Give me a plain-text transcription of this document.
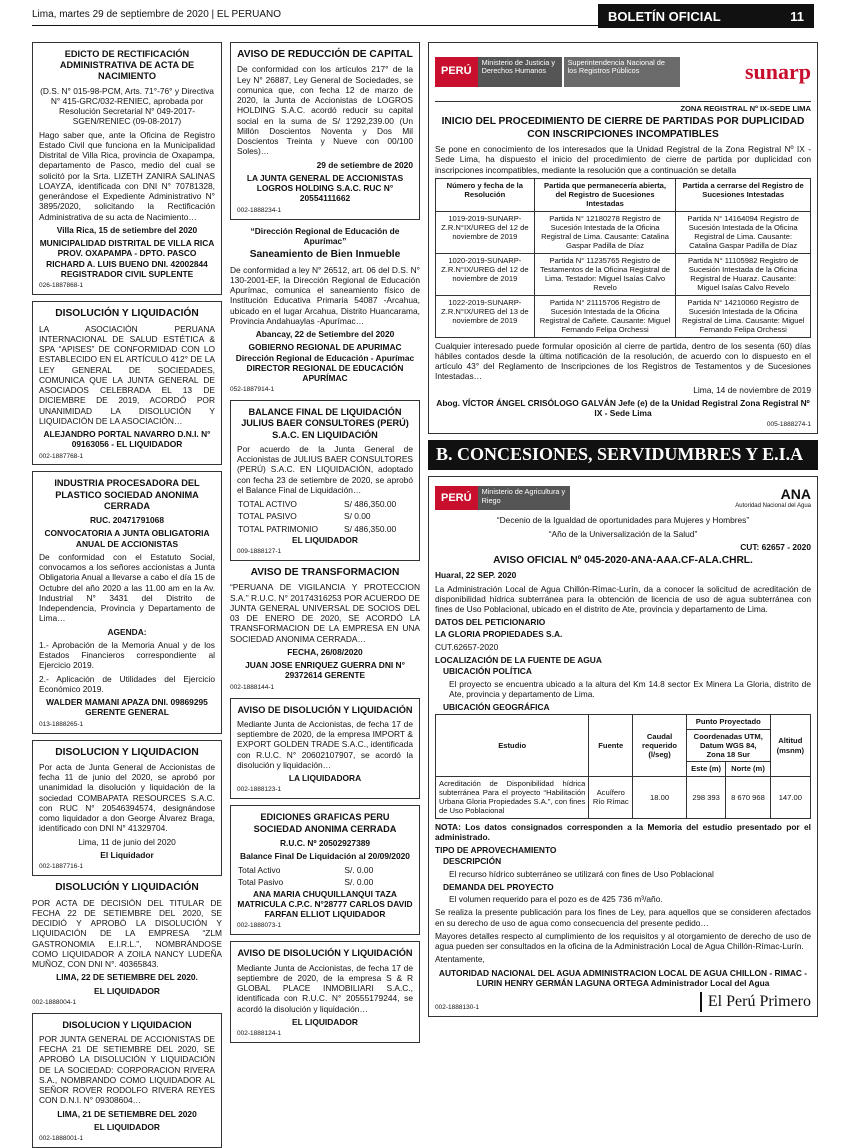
Lima, martes 29 de septiembre de 2020 | EL PERUANO	BOLETÍN OFICIAL	11
EDICTO DE RECTIFICACIÓN ADMINISTRATIVA DE ACTA DE NACIMIENTO

(D.S. N° 015-98-PCM, Arts. 71°-76° y Directiva N° 415-GRC/032-RENIEC, aprobada por Resolución Secretarial N° 049-2017-SGEN/RENIEC (09-08-2017)

Hago saber que, ante la Oficina de Registro Estado Civil que funciona en la Municipalidad Distrital de Villa Rica, provincia de Oxapampa, departamento de Pasco, medio del cual se solicitó por la Srta. LIZETH ZANIRA SALINAS LOAYZA, identificada con DNI N° 70781328, generándose el Expediente Administrativo N° 3895/2020, solicitando la Rectificación Administrativa de su acta de Nacimiento…

Villa Rica, 15 de setiembre del 2020

MUNICIPALIDAD DISTRITAL DE VILLA RICA PROV. OXAPAMPA - DPTO. PASCO RICHARD A. LUIS BUENO DNI. 42002844 REGISTRADOR CIVIL SUPLENTE

026-1887868-1
DISOLUCIÓN Y LIQUIDACIÓN

LA ASOCIACIÓN PERUANA INTERNACIONAL DE SALUD ESTÉTICA & SPA “APISES” DE CONFORMIDAD CON LO ESTABLECIDO EN EL ARTÍCULO 412° DE LA LEY GENERAL DE SOCIEDADES, COMUNICA QUE LA JUNTA GENERAL DE ASOCIADOS CELEBRADA EL 13 DE DICIEMBRE DE 2019, ACORDÓ POR UNANIMIDAD LA DISOLUCIÓN Y LIQUIDACIÓN DE LA ASOCIACIÓN…

ALEJANDRO PORTAL NAVARRO D.N.I. N° 09163056 - EL LIQUIDADOR

002-1887768-1
INDUSTRIA PROCESADORA DEL PLASTICO SOCIEDAD ANONIMA CERRADA

RUC. 20471791068

CONVOCATORIA A JUNTA OBLIGATORIA ANUAL DE ACCIONISTAS

De conformidad con el Estatuto Social, convocamos a los señores accionistas a Junta Obligatoria Anual a llevarse a cabo el día 15 de Octubre del año 2020 a las 11.00 am en la Av. Industrial N° 3431 del Distrito de Independencia, Provincia y Departamento de Lima…

AGENDA:

1.- Aprobación de la Memoria Anual y de los Estados Financieros correspondiente al Ejercicio 2019.

2.- Aplicación de Utilidades del Ejercicio Económico 2019.

WALDER MAMANI APAZA DNI. 09869295 GERENTE GENERAL

013-1888265-1
DISOLUCION Y LIQUIDACION

Por acta de Junta General de Accionistas de fecha 11 de junio del 2020, se aprobó por unanimidad la disolución y liquidación de la sociedad COMBAPATA RESOURCES S.A.C. con RUC N° 20546394574, designándose como liquidador a don George Álvarez Braga, identificado con DNI N° 41329704.

Lima, 11 de junio del 2020

El Liquidador

002-1887716-1
DISOLUCIÓN Y LIQUIDACIÓN

POR ACTA DE DECISIÓN DEL TITULAR DE FECHA 22 DE SETIEMBRE DEL 2020, SE DECIDIÓ Y APROBÓ LA DISOLUCIÓN Y LIQUIDACIÓN DE LA EMPRESA “ZLM GASTRONOMIA E.I.R.L.”, NOMBRÁNDOSE COMO LIQUIDADOR A ZOILA NANCY LUDEÑA MUÑOZ, CON DNI N°. 40365843.

LIMA, 22 DE SETIEMBRE DEL 2020.

EL LIQUIDADOR

002-1888004-1
DISOLUCION Y LIQUIDACION

POR JUNTA GENERAL DE ACCIONISTAS DE FECHA 21 DE SETIEMBRE DEL 2020, SE APROBÓ LA DISOLUCIÓN Y LIQUIDACIÓN DE LA SOCIEDAD: CORPORACION RIVERA S.A., NOMBRANDO COMO LIQUIDADOR AL SEÑOR ROVER RODOLFO RIVERA REYES CON D.N.I. N° 09308604…

LIMA, 21 DE SETIEMBRE DEL 2020

EL LIQUIDADOR

002-1888001-1
AVISO DE REDUCCIÓN DE CAPITAL

De conformidad con los artículos 217° de la Ley N° 26887, Ley General de Sociedades, se comunica que, con fecha 12 de marzo de 2020, la Junta de Accionistas de LOGROS HOLDING S.A.C. acordó reducir su capital social en la suma de S/ 1'292,239.00 (Un Millón Doscientos Noventa y Dos Mil Doscientos Treinta y Nueve con 00/100 Soles)…

29 de setiembre de 2020

LA JUNTA GENERAL DE ACCIONISTAS LOGROS HOLDING S.A.C. RUC N° 20554111662

002-1888234-1

“Dirección Regional de Educación de Apurímac”

Saneamiento de Bien Inmueble

De conformidad a ley N° 26512, art. 06 del D.S. N° 130-2001-EF, la Dirección Regional de Educación Apurímac, comunica el saneamiento físico de Institución Educativa Primaria 54087 -Arcahua, ubicado en el lugar Arcahua, Distrito Huancarama, Provincia Andahuaylas -Apurímac…

Abancay, 22 de Setiembre del 2020

GOBIERNO REGIONAL DE APURIMAC Dirección Regional de Educación - Apurímac DIRECTOR REGIONAL DE EDUCACIÓN APURÍMAC

052-1887914-1
BALANCE FINAL DE LIQUIDACIÓN JULIUS BAER CONSULTORES (PERÚ) S.A.C. EN LIQUIDACIÓN

Por acuerdo de la Junta General de Accionistas de JULIUS BAER CONSULTORES (PERÚ) S.A.C. EN LIQUIDACIÓN, adoptado con fecha 23 de setiembre de 2020, se aprobó el Balance Final de Liquidación…

TOTAL ACTIVO	S/ 486,350.00
TOTAL PASIVO	S/ 0.00
TOTAL PATRIMONIO	S/ 486,350.00

EL LIQUIDADOR

009-1888127-1
AVISO DE TRANSFORMACION

“PERUANA DE VIGILANCIA Y PROTECCION S.A.” R.U.C. N° 20174316253 POR ACUERDO DE JUNTA GENERAL UNIVERSAL DE SOCIOS DEL 03 DE ENERO DE 2020, SE ACORDÓ LA TRANSFORMACION DE LA EMPRESA EN UNA SOCIEDAD ANONIMA CERRADA…

FECHA, 26/08/2020

JUAN JOSE ENRIQUEZ GUERRA DNI N° 29372614 GERENTE

002-1888144-1
AVISO DE DISOLUCIÓN Y LIQUIDACIÓN

Mediante Junta de Accionistas, de fecha 17 de septiembre de 2020, de la empresa IMPORT & EXPORT GOLDEN TRADE S.A.C., identificada con R.U.C. N° 20602107907, se acordó la disolución y liquidación…

LA LIQUIDADORA

002-1888123-1
EDICIONES GRAFICAS PERU SOCIEDAD ANONIMA CERRADA

R.U.C. Nº 20502927389

Balance Final De Liquidación al 20/09/2020

Total Activo	S/. 0.00
Total Pasivo	S/. 0.00

ANA MARIA CHUQUILLANQUI TAZA MATRICULA C.P.C. N°28777 CARLOS DAVID FARFAN ELLIOT LIQUIDADOR

002-1888073-1
AVISO DE DISOLUCIÓN Y LIQUIDACIÓN

Mediante Junta de Accionistas, de fecha 17 de septiembre de 2020, de la empresa S & R GLOBAL PLACE INMOBILIARI S.A.C., identificada con R.U.C. N° 20555179244, se acordó la disolución y liquidación…

EL LIQUIDADOR

002-1888124-1
PERÚ
Ministerio de Justicia y Derechos Humanos
Superintendencia Nacional de los Registros Públicos	sunarp
ZONA REGISTRAL Nº IX-SEDE LIMA
INICIO DEL PROCEDIMIENTO DE CIERRE DE PARTIDAS POR DUPLICIDAD CON INSCRIPCIONES INCOMPATIBLES

Se pone en conocimiento de los interesados que la Unidad Registral de la Zona Registral Nº IX - Sede Lima, ha dispuesto el inicio del procedimiento de cierre de partida por duplicidad con inscripciones incompatibles, mediante la resolución que a continuación se detalla

Número y fecha de la Resolución	Partida que permanecería abierta, del Registro de Sucesiones Intestadas	Partida a cerrarse del Registro de Sucesiones Intestadas
1019-2019-SUNARP-Z.R.N°IX/UREG del 12 de noviembre de 2019	Partida N° 12180278 Registro de Sucesión Intestada de la Oficina Registral de Lima. Causante: Catalina Gaspar Padilla de Díaz	Partida N° 14164094 Registro de Sucesión Intestada de la Oficina Registral de Lima. Causante: Catalina Gaspar Padilla de Díaz
1020-2019-SUNARP-Z.R.N°IX/UREG del 12 de noviembre de 2019	Partida N° 11235765 Registro de Testamentos de la Oficina Registral de Lima. Testador: Miguel Isaías Calvo Revelo	Partida N° 11105982 Registro de Sucesión Intestada de la Oficina Registral de Huaraz. Causante: Miguel Isaías Calvo Revelo
1022-2019-SUNARP-Z.R.N°IX/UREG del 13 de noviembre de 2019	Partida N° 21115706 Registro de Sucesión Intestada de la Oficina Registral de Cañete. Causante: Miguel Fernando Felipa Orchessi	Partida N° 14210060 Registro de Sucesión Intestada de la Oficina Registral de Lima. Causante: Miguel Fernando Felipa Orchessi

Cualquier interesado puede formular oposición al cierre de partida, dentro de los sesenta (60) días hábiles contados desde la última notificación de la resolución, de acuerdo con lo dispuesto en el artículo 43° del Reglamento de Inscripciones de los Registros de Testamentos y de Sucesiones Intestadas…

Lima, 14 de noviembre de 2019

Abog. VÍCTOR ÁNGEL CRISÓLOGO GALVÁN Jefe (e) de la Unidad Registral Zona Registral Nº IX - Sede Lima

005-1888274-1
B. CONCESIONES, SERVIDUMBRES Y E.I.A
PERÚ	Ministerio de Agricultura y Riego	ANA
Autoridad Nacional del Agua

“Decenio de la Igualdad de oportunidades para Mujeres y Hombres”

“Año de la Universalización de la Salud”

CUT: 62657 - 2020

AVISO OFICIAL Nº 045-2020-ANA-AAA.CF-ALA.CHRL.

Huaral, 22 SEP. 2020

La Administración Local de Agua Chillón-Rímac-Lurín, da a conocer la solicitud de acreditación de disponibilidad hídrica subterránea para la obtención de licencia de uso de agua subterránea con fines de Uso Poblacional, ubicado en el distrito de Ate, provincia y departamento de Lima.

DATOS DEL PETICIONARIO

LA GLORIA PROPIEDADES S.A.

CUT.62657-2020

LOCALIZACIÓN DE LA FUENTE DE AGUA
UBICACIÓN POLÍTICA

El proyecto se encuentra ubicado a la altura del Km 14.8 sector Ex Minera La Gloria, distrito de Ate, provincia y departamento de Lima.

UBICACIÓN GEOGRÁFICA
Estudio	Fuente	Caudal requerido (l/seg)	Punto Proyectado		Altitud (msnm)
			Coordenadas UTM, Datum WGS 84, Zona 18 Sur		
			Este (m)	Norte (m)	
Acreditación de Disponibilidad hídrica subterránea Para el proyecto “Habilitación Urbana Gloria Propiedades S.A.”, con fines de Uso Poblacional	Acuífero Río Rímac	18.00	298 393	8 670 968	147.00

NOTA: Los datos consignados corresponden a la Memoria del estudio presentado por el administrado.

TIPO DE APROVECHAMIENTO
DESCRIPCIÓN

El recurso hídrico subterráneo se utilizará con fines de Uso Poblacional

DEMANDA DEL PROYECTO

El volumen requerido para el pozo es de 425 736 m³/año.

Se realiza la presente publicación para los fines de Ley, para aquellos que se consideren afectados en su derecho de uso de agua como consecuencia del presente pedido…

Mayores detalles respecto al cumplimiento de los requisitos y al otorgamiento de derecho de uso de agua pueden ser consultados en la oficina de la Administración Local de Agua Chillón-Rímac-Lurín.

Atentamente,

AUTORIDAD NACIONAL DEL AGUA ADMINISTRACION LOCAL DE AGUA CHILLON - RIMAC - LURIN HENRY GERMÁN LAGUNA ORTEGA Administrador Local del Agua

002-1888130-1	El Perú Primero
